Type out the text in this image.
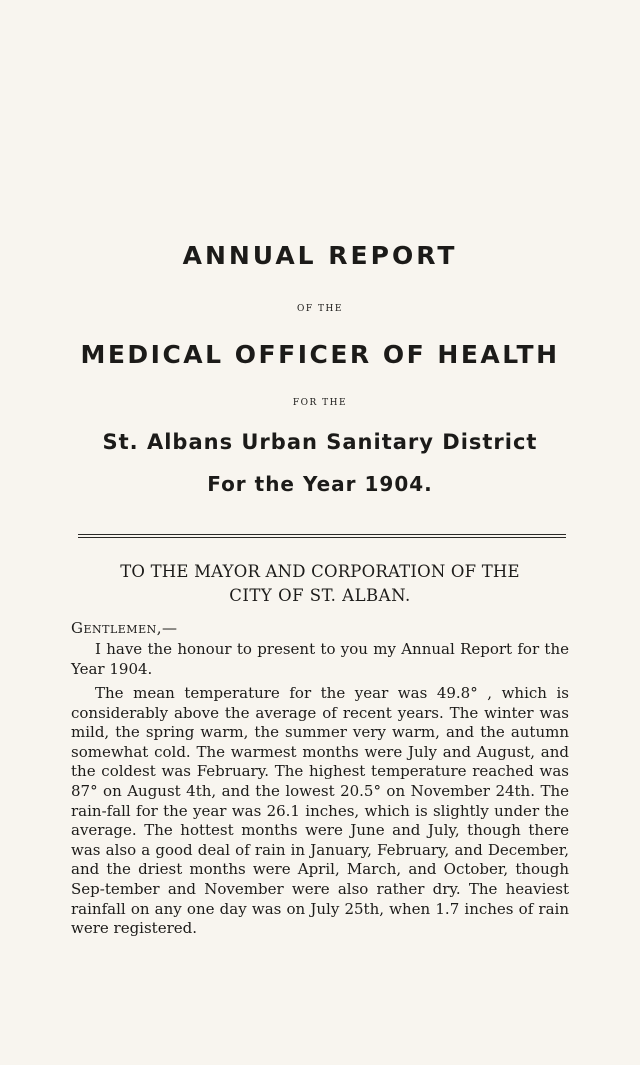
ANNUAL REPORT
OF THE
MEDICAL OFFICER OF HEALTH
FOR THE
St. Albans Urban Sanitary District
For the Year 1904.
TO THE MAYOR AND CORPORATION OF THE
CITY OF ST. ALBAN.
Gentlemen,—

I have the honour to present to you my Annual Report for the Year 1904.

The mean temperature for the year was 49.8° , which is considerably above the average of recent years. The winter was mild, the spring warm, the summer very warm, and the autumn somewhat cold. The warmest months were July and August, and the coldest was February. The highest temperature reached was 87° on August 4th, and the lowest 20.5° on November 24th. The rain-fall for the year was 26.1 inches, which is slightly under the average. The hottest months were June and July, though there was also a good deal of rain in January, February, and December, and the driest months were April, March, and October, though Sep-tember and November were also rather dry. The heaviest rainfall on any one day was on July 25th, when 1.7 inches of rain were registered.
